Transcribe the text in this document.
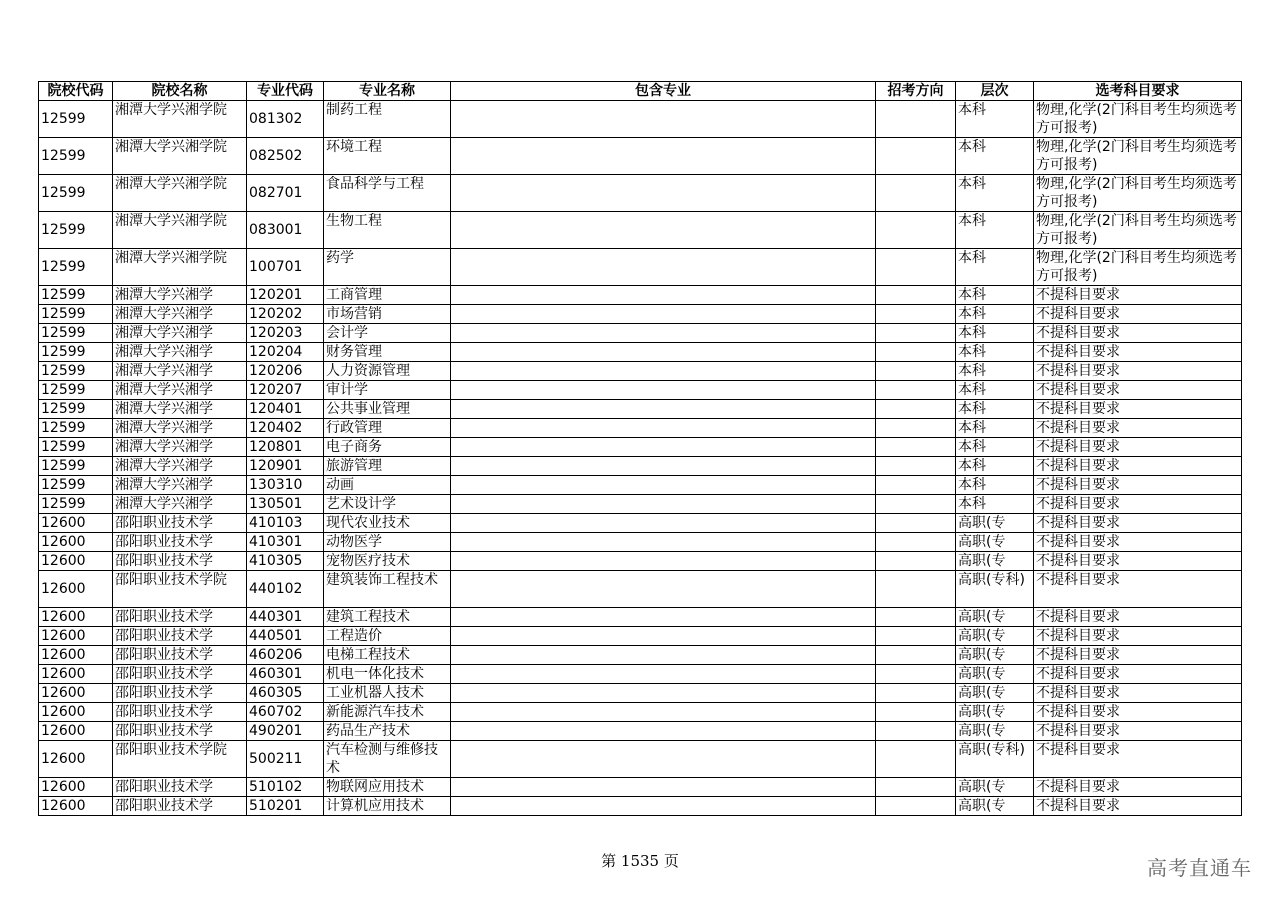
院校代码	院校名称	专业代码	专业名称	包含专业	招考方向	层次	选考科目要求
12599	湘潭大学兴湘学院	081302	制药工程			本科	物理,化学(2门科目考生均须选考方可报考)
12599	湘潭大学兴湘学院	082502	环境工程			本科	物理,化学(2门科目考生均须选考方可报考)
12599	湘潭大学兴湘学院	082701	食品科学与工程			本科	物理,化学(2门科目考生均须选考方可报考)
12599	湘潭大学兴湘学院	083001	生物工程			本科	物理,化学(2门科目考生均须选考方可报考)
12599	湘潭大学兴湘学院	100701	药学			本科	物理,化学(2门科目考生均须选考方可报考)
12599	湘潭大学兴湘学	120201	工商管理			本科	不提科目要求
12599	湘潭大学兴湘学	120202	市场营销			本科	不提科目要求
12599	湘潭大学兴湘学	120203	会计学			本科	不提科目要求
12599	湘潭大学兴湘学	120204	财务管理			本科	不提科目要求
12599	湘潭大学兴湘学	120206	人力资源管理			本科	不提科目要求
12599	湘潭大学兴湘学	120207	审计学			本科	不提科目要求
12599	湘潭大学兴湘学	120401	公共事业管理			本科	不提科目要求
12599	湘潭大学兴湘学	120402	行政管理			本科	不提科目要求
12599	湘潭大学兴湘学	120801	电子商务			本科	不提科目要求
12599	湘潭大学兴湘学	120901	旅游管理			本科	不提科目要求
12599	湘潭大学兴湘学	130310	动画			本科	不提科目要求
12599	湘潭大学兴湘学	130501	艺术设计学			本科	不提科目要求
12600	邵阳职业技术学	410103	现代农业技术			高职(专	不提科目要求
12600	邵阳职业技术学	410301	动物医学			高职(专	不提科目要求
12600	邵阳职业技术学	410305	宠物医疗技术			高职(专	不提科目要求
12600	邵阳职业技术学院	440102	建筑装饰工程技术			高职(专科)	不提科目要求
12600	邵阳职业技术学	440301	建筑工程技术			高职(专	不提科目要求
12600	邵阳职业技术学	440501	工程造价			高职(专	不提科目要求
12600	邵阳职业技术学	460206	电梯工程技术			高职(专	不提科目要求
12600	邵阳职业技术学	460301	机电一体化技术			高职(专	不提科目要求
12600	邵阳职业技术学	460305	工业机器人技术			高职(专	不提科目要求
12600	邵阳职业技术学	460702	新能源汽车技术			高职(专	不提科目要求
12600	邵阳职业技术学	490201	药品生产技术			高职(专	不提科目要求
12600	邵阳职业技术学院	500211	汽车检测与维修技术			高职(专科)	不提科目要求
12600	邵阳职业技术学	510102	物联网应用技术			高职(专	不提科目要求
12600	邵阳职业技术学	510201	计算机应用技术			高职(专	不提科目要求
第 1535 页	高考直通车
